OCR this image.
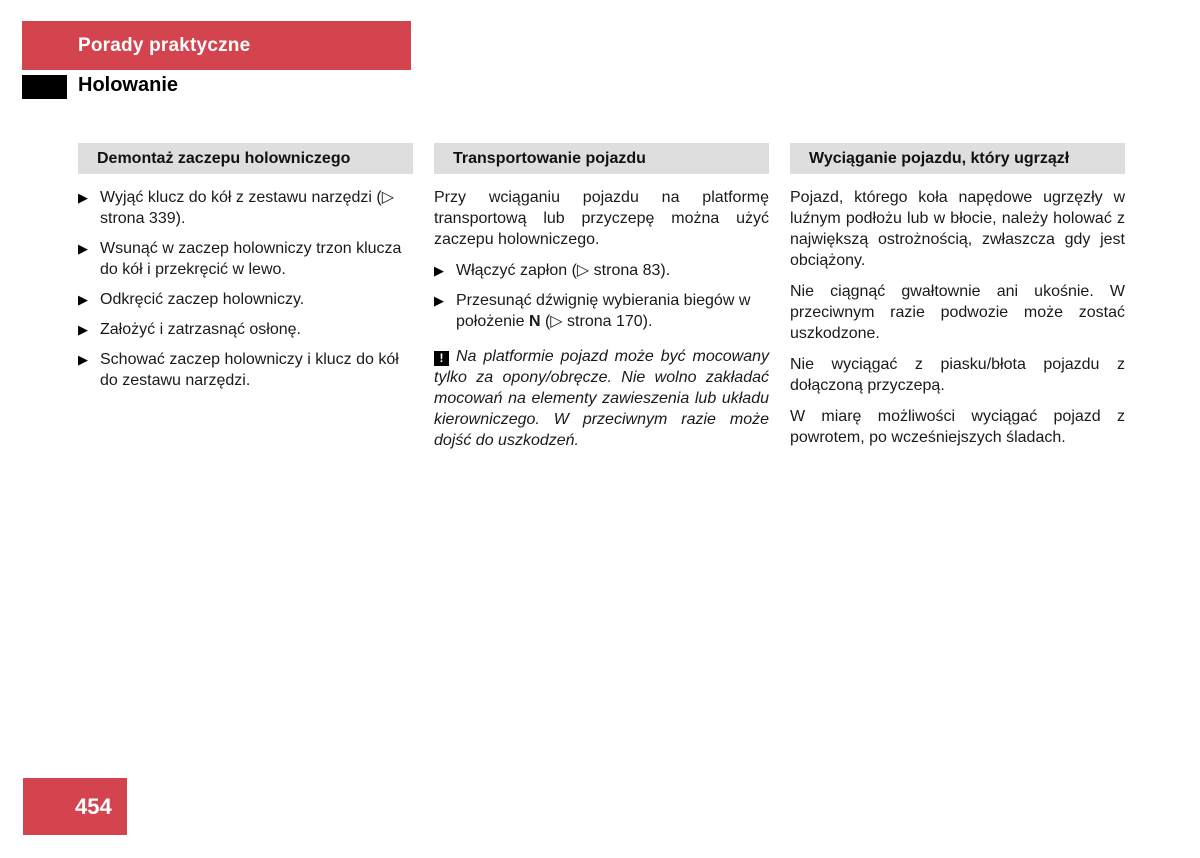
Porady praktyczne
Holowanie
Demontaż zaczepu holowniczego
▶ Wyjąć klucz do kół z zestawu narzędzi (▷ strona 339).
▶ Wsunąć w zaczep holowniczy trzon klucza do kół i przekręcić w lewo.
▶ Odkręcić zaczep holowniczy.
▶ Założyć i zatrzasnąć osłonę.
▶ Schować zaczep holowniczy i klucz do kół do zestawu narzędzi.
Transportowanie pojazdu

Przy wciąganiu pojazdu na platformę transportową lub przyczepę można użyć zaczepu holowniczego.

▶ Włączyć zapłon (▷ strona 83).
▶ Przesunąć dźwignię wybierania biegów w położenie N (▷ strona 170).

! Na platformie pojazd może być mocowany tylko za opony/obręcze. Nie wolno zakładać mocowań na elementy zawieszenia lub układu kierowniczego. W przeciwnym razie może dojść do uszkodzeń.

Wyciąganie pojazdu, który ugrzązł

Pojazd, którego koła napędowe ugrzęzły w luźnym podłożu lub w błocie, należy holować z największą ostrożnością, zwłaszcza gdy jest obciążony.

Nie ciągnąć gwałtownie ani ukośnie. W przeciwnym razie podwozie może zostać uszkodzone.

Nie wyciągać z piasku/błota pojazdu z dołączoną przyczepą.

W miarę możliwości wyciągać pojazd z powrotem, po wcześniejszych śladach.

454
